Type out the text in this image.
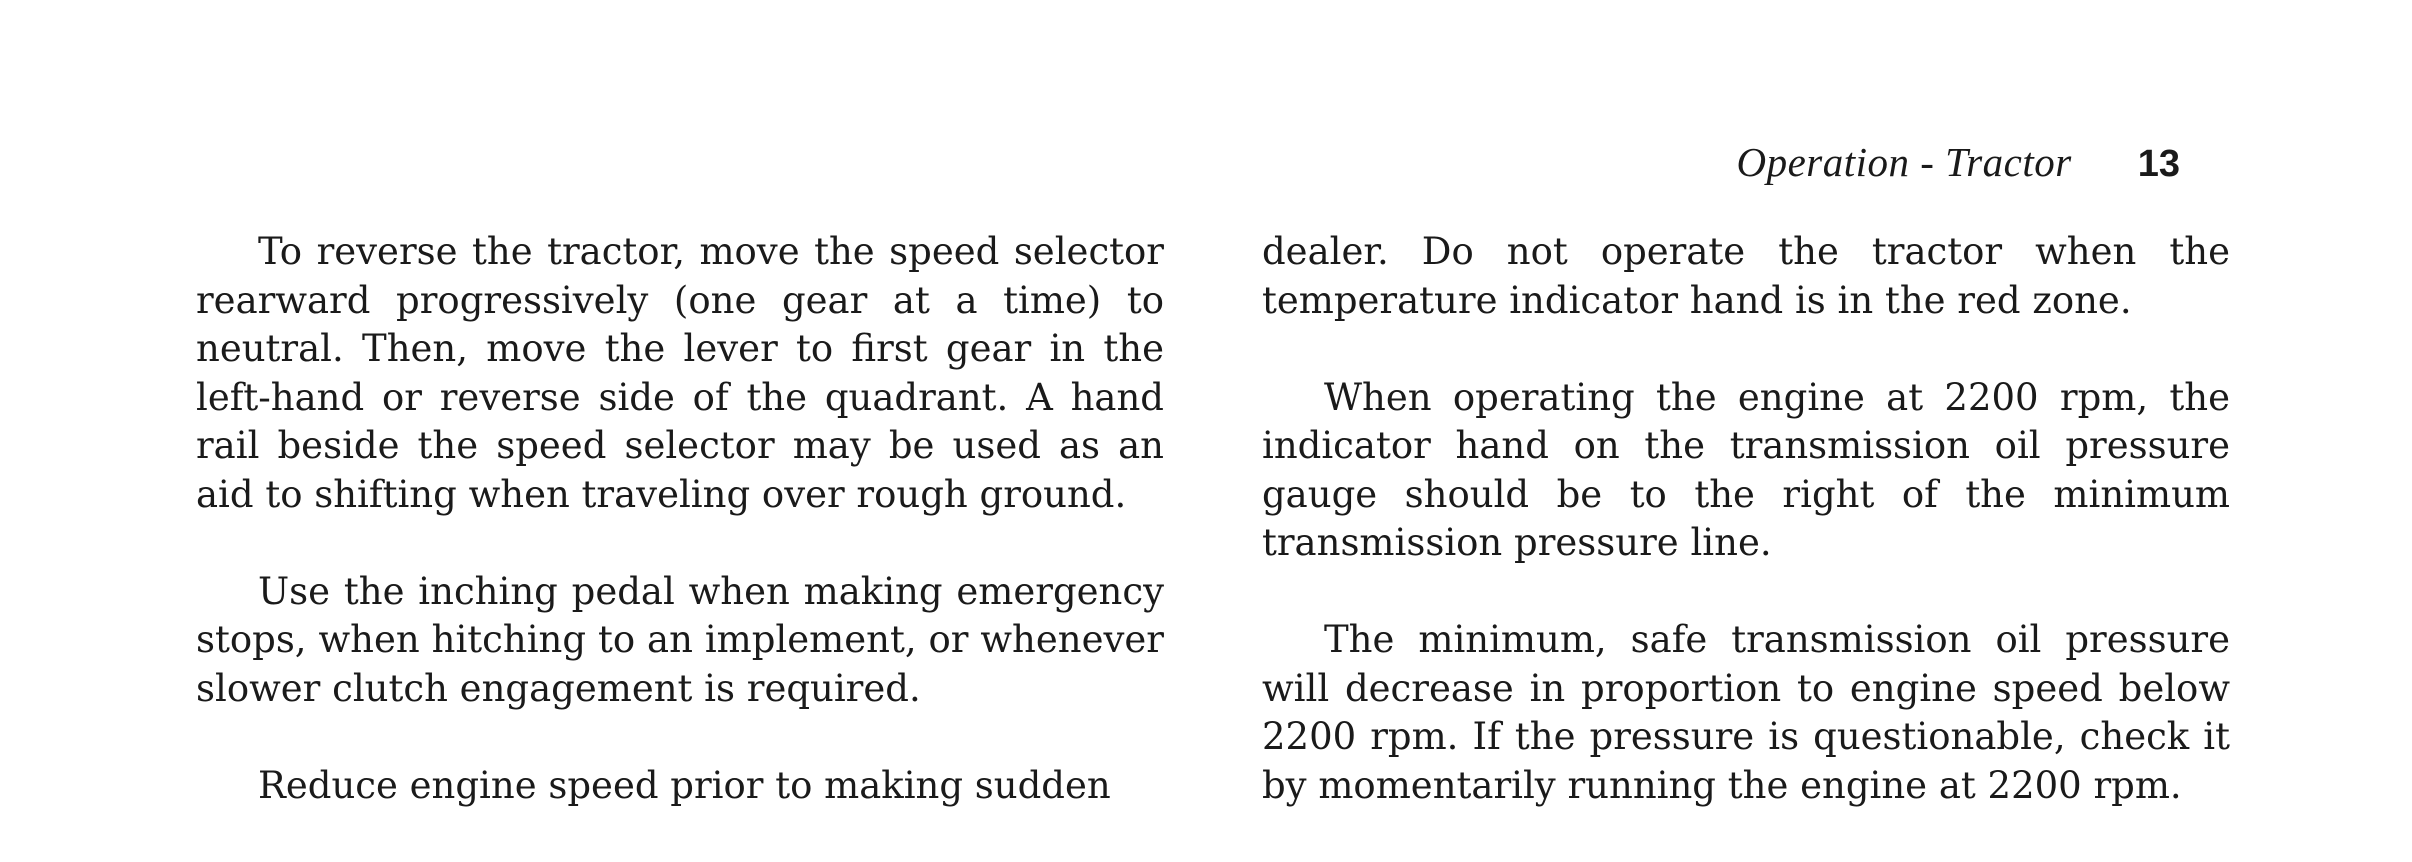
Operation - Tractor 13

To reverse the tractor, move the speed selector rearward progressively (one gear at a time) to neutral. Then, move the lever to first gear in the left-hand or reverse side of the quadrant. A hand rail beside the speed selector may be used as an aid to shifting when traveling over rough ground.

Use the inching pedal when making emergency stops, when hitching to an implement, or whenever slower clutch engagement is required.

Reduce engine speed prior to making sudden

dealer. Do not operate the tractor when the temperature indicator hand is in the red zone.

When operating the engine at 2200 rpm, the indicator hand on the transmission oil pressure gauge should be to the right of the minimum transmission pressure line.

The minimum, safe transmission oil pressure will decrease in proportion to engine speed below 2200 rpm. If the pressure is questionable, check it by momentarily running the engine at 2200 rpm.
